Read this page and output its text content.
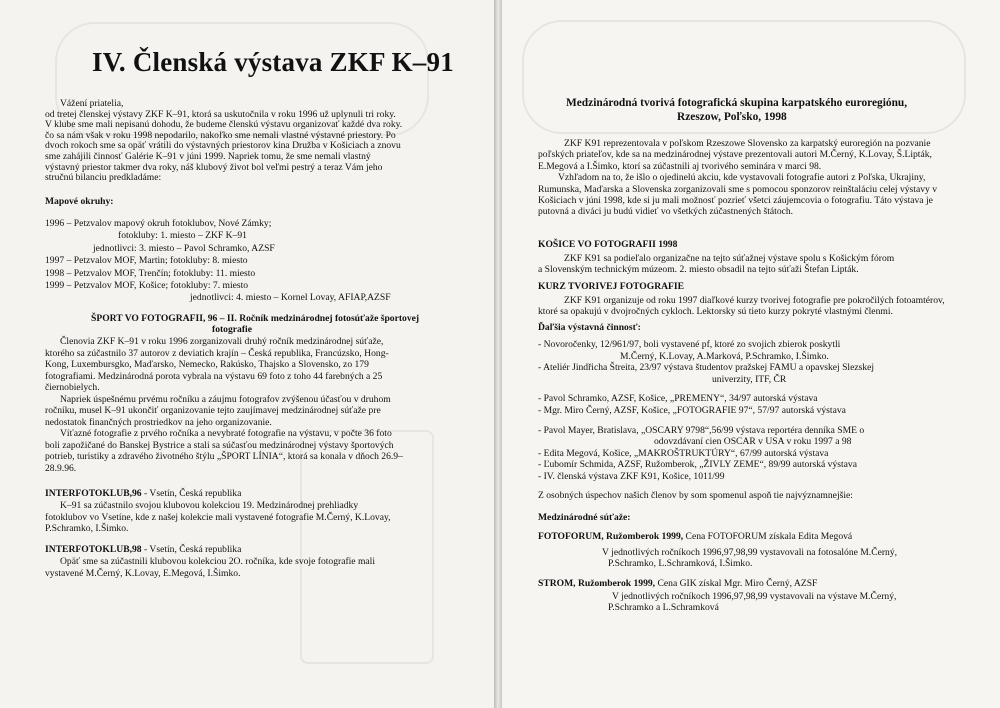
IV. Členská výstava ZKF K–91
Vážení priatelia,
od tretej členskej výstavy ZKF K–91, ktorá sa uskutočnila v roku 1996 už uplynuli tri roky.
V klube sme mali nepisanú dohodu, že budeme členskú výstavu organizovať každé dva roky.
čo sa nám však v roku 1998 nepodarilo, nakoľko sme nemali vlastné výstavné priestory. Po
dvoch rokoch sme sa opäť vrátili do výstavných priestorov kina Družba v Košiciach a znovu
sme zahájili činnosť Galérie K–91 v júni 1999. Napriek tomu, že sme nemali vlastný
výstavný priestor takmer dva roky, náš klubový život bol veľmi pestrý a teraz Vám jeho
stručnú bilanciu predkladáme:
Mapové okruhy:
1996 – Petzvalov mapový okruh fotoklubov, Nové Zámky;
fotokluby: 1. miesto – ZKF K–91
jednotlivci: 3. miesto – Pavol Schramko, AZSF
1997 – Petzvalov MOF, Martin; fotokluby: 8. miesto
1998 – Petzvalov MOF, Trenčín; fotokluby: 11. miesto
1999 – Petzvalov MOF, Košice; fotokluby: 7. miesto
jednotlivci: 4. miesto – Kornel Lovay, AFIAP,AZSF
ŠPORT VO FOTOGRAFII, 96 – II. Ročník medzinárodnej fotosúťaže športovej
fotografie
Členovia ZKF K–91 v roku 1996 zorganizovali druhý ročník medzinárodnej súťaže,
ktorého sa zúčastnilo 37 autorov z deviatich krajín – Česká republika, Francúzsko, Hong-
Kong, Luxembursgko, Maďarsko, Nemecko, Rakúsko, Thajsko a Slovensko, zo 179
fotografiami. Medzinárodná porota vybrala na výstavu 69 foto z toho 44 farebných a 25
čiernobielych.
Napriek úspešnému prvému ročníku a záujmu fotografov zvýšenou účasťou v druhom
ročníku, musel K–91 ukončiť organizovanie tejto zaujímavej medzinárodnej súťaže pre
nedostatok finančných prostriedkov na jeho organizovanie.
Víťazné fotografie z prvého ročníka a nevybraté fotografie na výstavu, v počte 36 foto
boli zapožičané do Banskej Bystrice a stali sa súčasťou medzinárodnej výstavy športových
potrieb, turistiky a zdravého životného štýlu „ŠPORT LÍNIA“, ktorá sa konala v dňoch 26.9–
28.9.96.
INTERFOTOKLUB,96 - Vsetín, Česká republika
K–91 sa zúčastnilo svojou klubovou kolekciou 19. Medzinárodnej prehliadky
fotoklubov vo Vsetíne, kde z našej kolekcie mali vystavené fotografie M.Černý, K.Lovay,
P.Schramko, I.Šimko.
INTERFOTOKLUB,98 - Vsetín, Česká republika
Opäť sme sa zúčastnili klubovou kolekciou 2O. ročníka, kde svoje fotografie mali
vystavené M.Černý, K.Lovay, E.Megová, I.Šimko.
Medzinárodná tvorivá fotografická skupina karpatského euroregiónu,
Rzeszow, Poľsko, 1998
ZKF K91 reprezentovala v poľskom Rzeszowe Slovensko za karpatský euroregión na pozvanie
poľských priateľov, kde sa na medzinárodnej výstave prezentovali autori M.Černý, K.Lovay, Š.Lipták,
E.Megová a I.Šimko, ktorí sa zúčastnili aj tvorivého seminára v marci 98.
Vzhľadom na to, že išlo o ojedinelú akciu, kde vystavovali fotografie autori z Poľska, Ukrajiny,
Rumunska, Maďarska a Slovenska zorganizovali sme s pomocou sponzorov reinštaláciu celej výstavy v
Košiciach v júni 1998, kde si ju mali možnosť pozrieť všetci záujemcovia o fotografiu. Táto výstava je
putovná a diváci ju budú vidieť vo všetkých zúčastnených štátoch.
KOŠICE VO FOTOGRAFII 1998
ZKF K91 sa podieľalo organizačne na tejto súťažnej výstave spolu s Košickým fórom
a Slovenským technickým múzeom. 2. miesto obsadil na tejto súťaži Štefan Lipták.
KURZ TVORIVEJ FOTOGRAFIE
ZKF K91 organizuje od roku 1997 diaľkové kurzy tvorivej fotografie pre pokročilých fotoamtérov,
ktoré sa opakujú v dvojročných cykloch. Lektorsky sú tieto kurzy pokryté vlastnými členmi.
Ďaľšia výstavná činnosť:
- Novoročenky, 12/961/97, boli vystavené pf, ktoré zo svojich zbierok poskytli
M.Černý, K.Lovay, A.Marková, P.Schramko, I.Šimko.
- Ateliér Jindřicha Štreita, 23/97 výstava študentov pražskej FAMU a opavskej Slezskej
univerzity, ITF, ČR
- Pavol Schramko, AZSF, Košice, „PREMENY“, 34/97 autorská výstava
- Mgr. Miro Černý, AZSF, Košice, „FOTOGRAFIE 97“, 57/97 autorská výstava
- Pavol Mayer, Bratislava, „OSCARY 9798“,56/99 výstava reportéra denníka SME o
odovzdávaní cien OSCAR v USA v roku 1997 a 98
- Edita Megová, Košice, „MAKROŠTRUKTÚRY“, 67/99 autorská výstava
- Ľubomír Schmida, AZSF, Ružomberok, „ŽIVLY ZEME“, 89/99 autorská výstava
- IV. členská výstava ZKF K91, Košice, 1011/99
Z osobných úspechov našich členov by som spomenul aspoň tie najvýznamnejšie:
Medzinárodné súťaže:
FOTOFORUM, Ružomberok 1999, Cena FOTOFORUM získala Edita Megová
V jednotlivých ročníkoch 1996,97,98,99 vystavovali na fotosalóne M.Černý,
P.Schramko, L.Schramková, I.Šimko.
STROM, Ružomberok 1999, Cena GIK získal Mgr. Miro Černý, AZSF
V jednotlivých ročníkoch 1996,97,98,99 vystavovali na výstave M.Černý,
P.Schramko a L.Schramková
